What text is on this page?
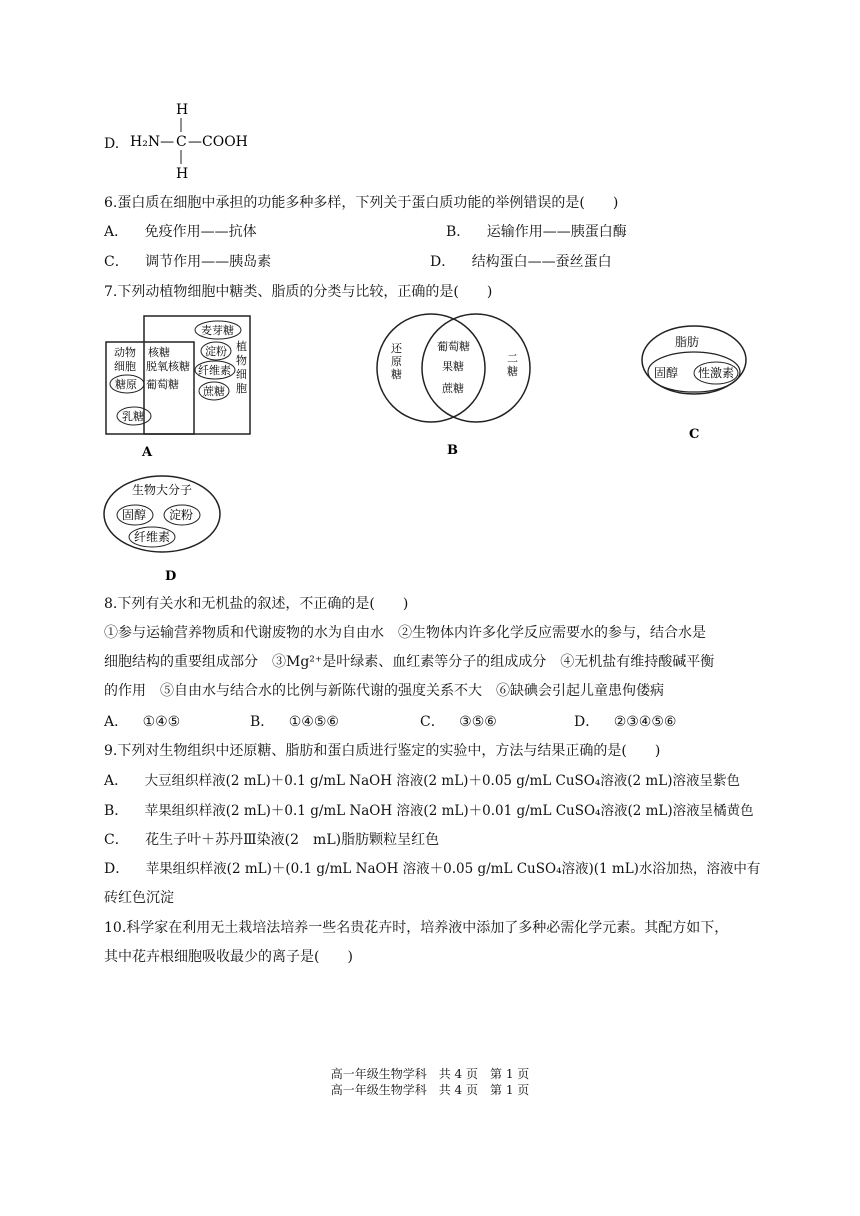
D.
H
H₂N— C —COOH
H
6.蛋白质在细胞中承担的功能多种多样，下列关于蛋白质功能的举例错误的是(　　)
A． 免疫作用——抗体	B． 运输作用——胰蛋白酶
C． 调节作用——胰岛素	D． 结构蛋白——蚕丝蛋白
7.下列动植物细胞中糖类、脂质的分类与比较，正确的是(　　)
动物
细胞
糖原
核糖
脱氧核糖
葡萄糖
乳糖
麦芽糖
淀粉
纤维素
蔗糖
植
物
细
胞
A
还
原
糖
葡萄糖
果糖
蔗糖
二
糖
B
脂肪
固醇 性激素
C
生物大分子
固醇 淀粉
纤维素
D
8.下列有关水和无机盐的叙述，不正确的是(　　)
①参与运输营养物质和代谢废物的水为自由水　②生物体内许多化学反应需要水的参与，结合水是
细胞结构的重要组成部分　③Mg²⁺是叶绿素、血红素等分子的组成成分　④无机盐有维持酸碱平衡
的作用　⑤自由水与结合水的比例与新陈代谢的强度关系不大　⑥缺碘会引起儿童患佝偻病
A． ①④⑤	B． ①④⑤⑥	C． ③⑤⑥	D． ②③④⑤⑥
9.下列对生物组织中还原糖、脂肪和蛋白质进行鉴定的实验中，方法与结果正确的是(　　)
A． 大豆组织样液(2 mL)＋0.1 g/mL NaOH 溶液(2 mL)＋0.05 g/mL CuSO₄溶液(2 mL)溶液呈紫色
B． 苹果组织样液(2 mL)＋0.1 g/mL NaOH 溶液(2 mL)＋0.01 g/mL CuSO₄溶液(2 mL)溶液呈橘黄色
C． 花生子叶＋苏丹Ⅲ染液(2　mL)脂肪颗粒呈红色
D． 苹果组织样液(2 mL)＋(0.1 g/mL NaOH 溶液＋0.05 g/mL CuSO₄溶液)(1 mL)水浴加热，溶液中有
砖红色沉淀
10.科学家在利用无土栽培法培养一些名贵花卉时，培养液中添加了多种必需化学元素。其配方如下，
其中花卉根细胞吸收最少的离子是(　　)
高一年级生物学科　共 4 页　第 1 页
高一年级生物学科　共 4 页　第 1 页
